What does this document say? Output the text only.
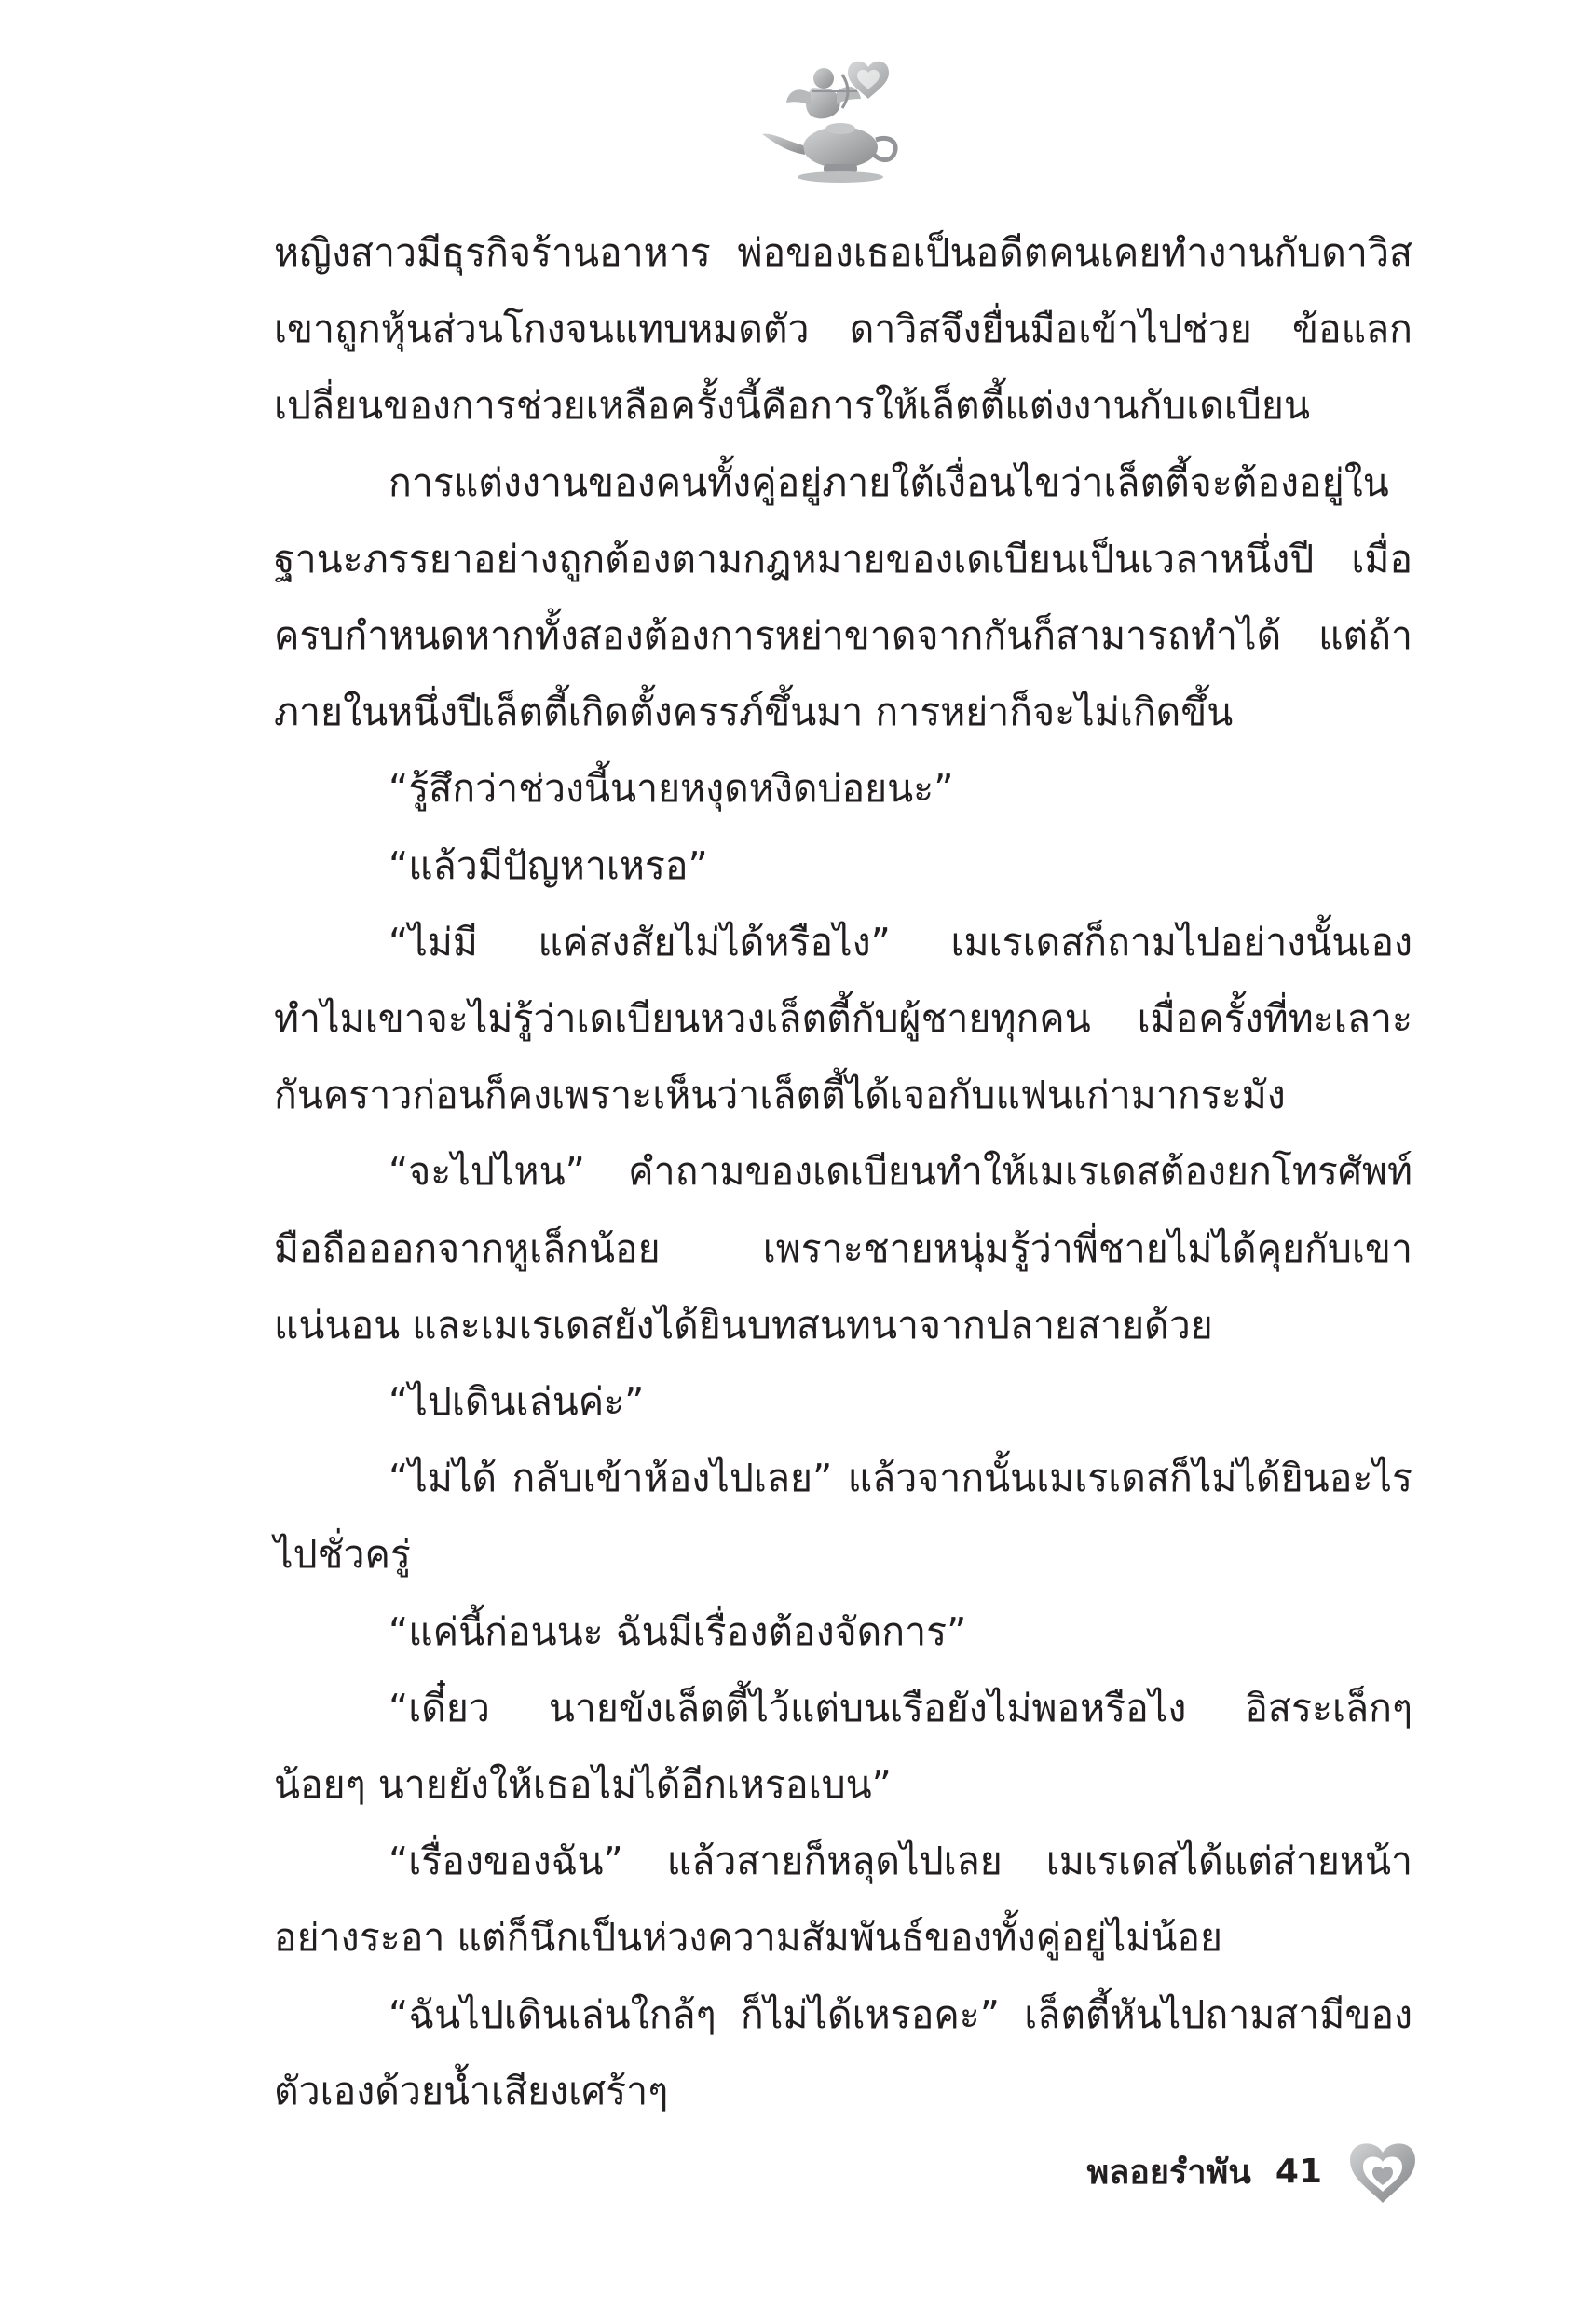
หญิงสาวมีธุรกิจร้านอาหาร พ่อของเธอเป็นอดีตคนเคยทำงานกับดาวิส เขาถูกหุ้นส่วนโกงจนแทบหมดตัว ดาวิสจึงยื่นมือเข้าไปช่วย ข้อแลกเปลี่ยนของการช่วยเหลือครั้งนี้คือการให้เล็ตตี้แต่งงานกับเดเบียน

การแต่งงานของคนทั้งคู่อยู่ภายใต้เงื่อนไขว่าเล็ตตี้จะต้องอยู่ในฐานะภรรยาอย่างถูกต้องตามกฎหมายของเดเบียนเป็นเวลาหนึ่งปี เมื่อครบกำหนดหากทั้งสองต้องการหย่าขาดจากกันก็สามารถทำได้ แต่ถ้าภายในหนึ่งปีเล็ตตี้เกิดตั้งครรภ์ขึ้นมา การหย่าก็จะไม่เกิดขึ้น

“รู้สึกว่าช่วงนี้นายหงุดหงิดบ่อยนะ”

“แล้วมีปัญหาเหรอ”

“ไม่มี แค่สงสัยไม่ได้หรือไง” เมเรเดสก็ถามไปอย่างนั้นเอง ทำไมเขาจะไม่รู้ว่าเดเบียนหวงเล็ตตี้กับผู้ชายทุกคน เมื่อครั้งที่ทะเลาะกันคราวก่อนก็คงเพราะเห็นว่าเล็ตตี้ได้เจอกับแฟนเก่ามากระมัง

“จะไปไหน” คำถามของเดเบียนทำให้เมเรเดสต้องยกโทรศัพท์มือถือออกจากหูเล็กน้อย เพราะชายหนุ่มรู้ว่าพี่ชายไม่ได้คุยกับเขาแน่นอน และเมเรเดสยังได้ยินบทสนทนาจากปลายสายด้วย

“ไปเดินเล่นค่ะ”

“ไม่ได้ กลับเข้าห้องไปเลย” แล้วจากนั้นเมเรเดสก็ไม่ได้ยินอะไรไปชั่วครู่

“แค่นี้ก่อนนะ ฉันมีเรื่องต้องจัดการ”

“เดี๋ยว นายขังเล็ตตี้ไว้แต่บนเรือยังไม่พอหรือไง อิสระเล็กๆ น้อยๆ นายยังให้เธอไม่ได้อีกเหรอเบน”

“เรื่องของฉัน” แล้วสายก็หลุดไปเลย เมเรเดสได้แต่ส่ายหน้าอย่างระอา แต่ก็นึกเป็นห่วงความสัมพันธ์ของทั้งคู่อยู่ไม่น้อย

“ฉันไปเดินเล่นใกล้ๆ ก็ไม่ได้เหรอคะ” เล็ตตี้หันไปถามสามีของตัวเองด้วยน้ำเสียงเศร้าๆ

พลอยรำพัน 41
